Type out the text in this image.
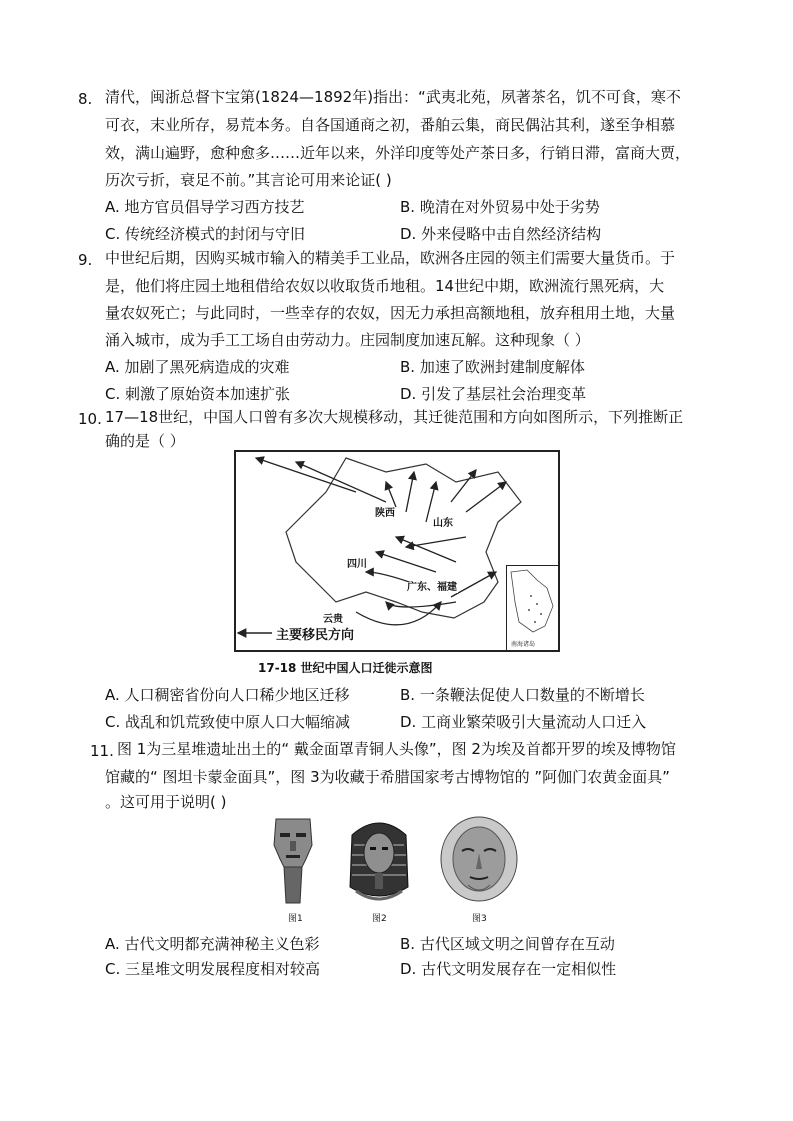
8. 清代，闽浙总督卞宝第(1824—1892年)指出：“武夷北苑，夙著茶名，饥不可食，寒不
可衣，末业所存，易荒本务。自各国通商之初，番舶云集，商民偶沾其利，遂至争相慕
效，满山遍野，愈种愈多……近年以来，外洋印度等处产茶日多，行销日滞，富商大贾，
历次亏折，衰足不前。”其言论可用来论证( )
A. 地方官员倡导学习西方技艺	B. 晚清在对外贸易中处于劣势
C. 传统经济模式的封闭与守旧	D. 外来侵略中击自然经济结构
9. 中世纪后期，因购买城市输入的精美手工业品，欧洲各庄园的领主们需要大量货币。于
是，他们将庄园土地租借给农奴以收取货币地租。14世纪中期，欧洲流行黑死病，大
量农奴死亡；与此同时，一些幸存的农奴，因无力承担高额地租，放弃租用土地，大量
涌入城市，成为手工工场自由劳动力。庄园制度加速瓦解。这种现象（ ）
A. 加剧了黑死病造成的灾难	B. 加速了欧洲封建制度解体
C. 刺激了原始资本加速扩张	D. 引发了基层社会治理变革
10. 17—18世纪，中国人口曾有多次大规模移动，其迁徙范围和方向如图所示，下列推断正
确的是（ ）
陕西
山东
四川
云贵
广东、福建
主要移民方向
南海诸岛
17-18 世纪中国人口迁徙示意图
A. 人口稠密省份向人口稀少地区迁移	B. 一条鞭法促使人口数量的不断增长
C. 战乱和饥荒致使中原人口大幅缩减	D. 工商业繁荣吸引大量流动人口迁入
11. 图 1为三星堆遗址出土的“ 戴金面罩青铜人头像”，图 2为埃及首都开罗的埃及博物馆
馆藏的“ 图坦卡蒙金面具”，图 3为收藏于希腊国家考古博物馆的 ”阿伽门农黄金面具”
。这可用于说明( )
图1	图2	图3
A. 古代文明都充满神秘主义色彩	B. 古代区域文明之间曾存在互动
C. 三星堆文明发展程度相对较高	D. 古代文明发展存在一定相似性
